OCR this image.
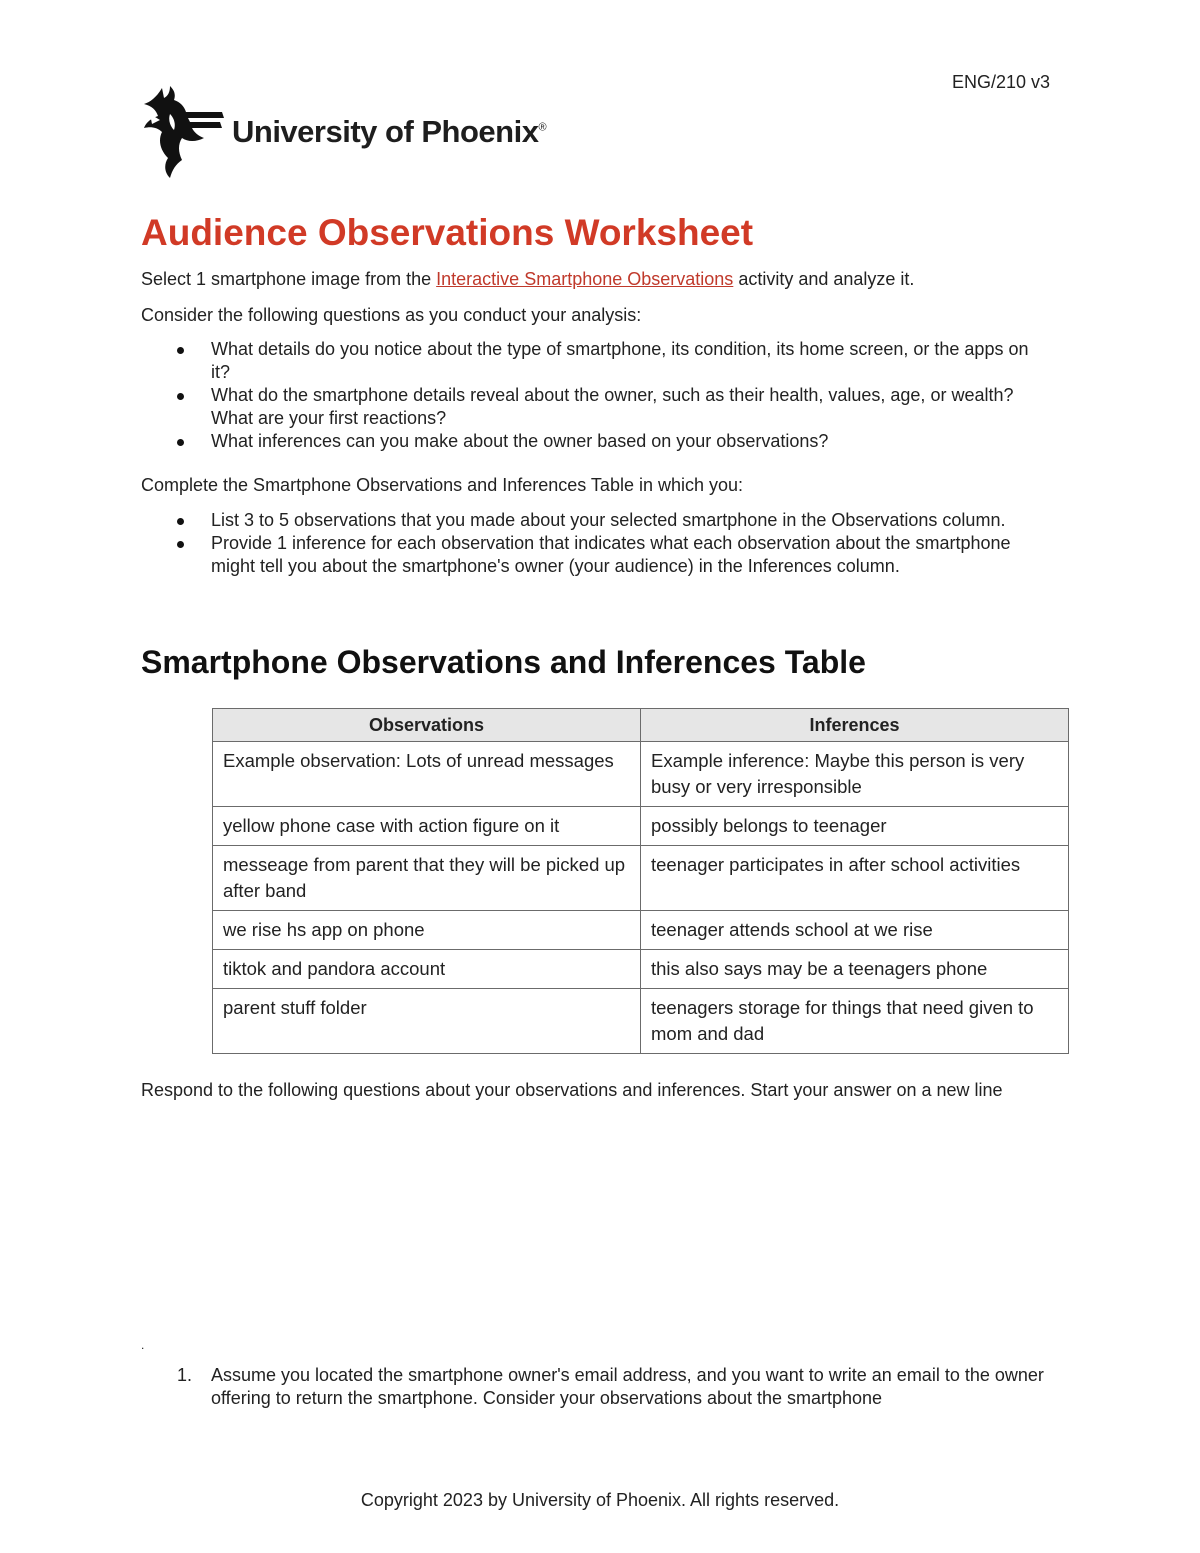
ENG/210 v3
University of Phoenix®
Audience Observations Worksheet
Select 1 smartphone image from the Interactive Smartphone Observations activity and analyze it.
Consider the following questions as you conduct your analysis:
What details do you notice about the type of smartphone, its condition, its home screen, or the apps on it?
What do the smartphone details reveal about the owner, such as their health, values, age, or wealth? What are your first reactions?
What inferences can you make about the owner based on your observations?
Complete the Smartphone Observations and Inferences Table in which you:
List 3 to 5 observations that you made about your selected smartphone in the Observations column.
Provide 1 inference for each observation that indicates what each observation about the smartphone might tell you about the smartphone's owner (your audience) in the Inferences column.
Smartphone Observations and Inferences Table
Observations	Inferences
Example observation: Lots of unread messages	Example inference: Maybe this person is very busy or very irresponsible
yellow phone case with action figure on it	possibly belongs to teenager
messeage from parent that they will be picked up after band	teenager participates in after school activities
we rise hs app on phone	teenager attends school at we rise
tiktok and pandora account	this also says may be a teenagers phone
parent stuff folder	teenagers storage for things that need given to mom and dad
Respond to the following questions about your observations and inferences. Start your answer on a new line
.
1. Assume you located the smartphone owner's email address, and you want to write an email to the owner offering to return the smartphone. Consider your observations about the smartphone
Copyright 2023 by University of Phoenix. All rights reserved.
